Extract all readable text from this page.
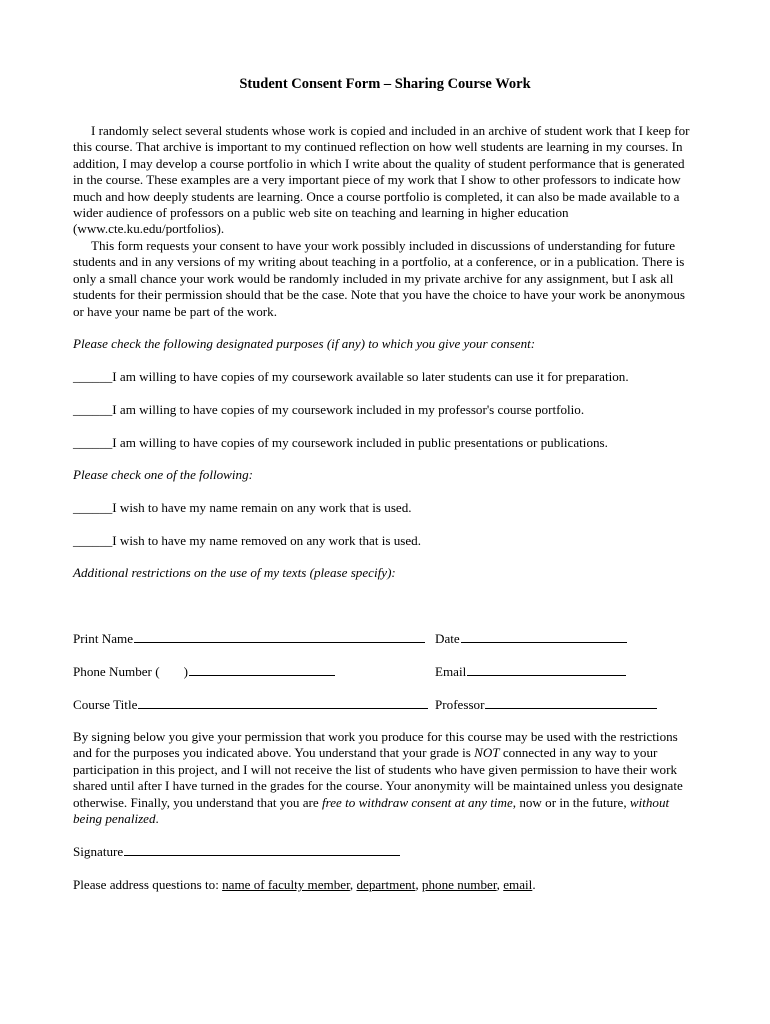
Student Consent Form – Sharing Course Work

I randomly select several students whose work is copied and included in an archive of student work that I keep for this course. That archive is important to my continued reflection on how well students are learning in my courses. In addition, I may develop a course portfolio in which I write about the quality of student performance that is generated in the course. These examples are a very important piece of my work that I show to other professors to indicate how much and how deeply students are learning. Once a course portfolio is completed, it can also be made available to a wider audience of professors on a public web site on teaching and learning in higher education (www.cte.ku.edu/portfolios).

This form requests your consent to have your work possibly included in discussions of understanding for future students and in any versions of my writing about teaching in a portfolio, at a conference, or in a publication. There is only a small chance your work would be randomly included in my private archive for any assignment, but I ask all students for their permission should that be the case. Note that you have the choice to have your work be anonymous or have your name be part of the work.

Please check the following designated purposes (if any) to which you give your consent:
______I am willing to have copies of my coursework available so later students can use it for preparation.
______I am willing to have copies of my coursework included in my professor's course portfolio.
______I am willing to have copies of my coursework included in public presentations or publications.
Please check one of the following:
______I wish to have my name remain on any work that is used.
______I wish to have my name removed on any work that is used.
Additional restrictions on the use of my texts (please specify):
Print Name	Date
Phone Number ( )	Email
Course Title	Professor

By signing below you give your permission that work you produce for this course may be used with the restrictions and for the purposes you indicated above. You understand that your grade is NOT connected in any way to your participation in this project, and I will not receive the list of students who have given permission to have their work shared until after I have turned in the grades for the course. Your anonymity will be maintained unless you designate otherwise. Finally, you understand that you are free to withdraw consent at any time, now or in the future, without being penalized.

Signature
Please address questions to: name of faculty member, department, phone number, email.
